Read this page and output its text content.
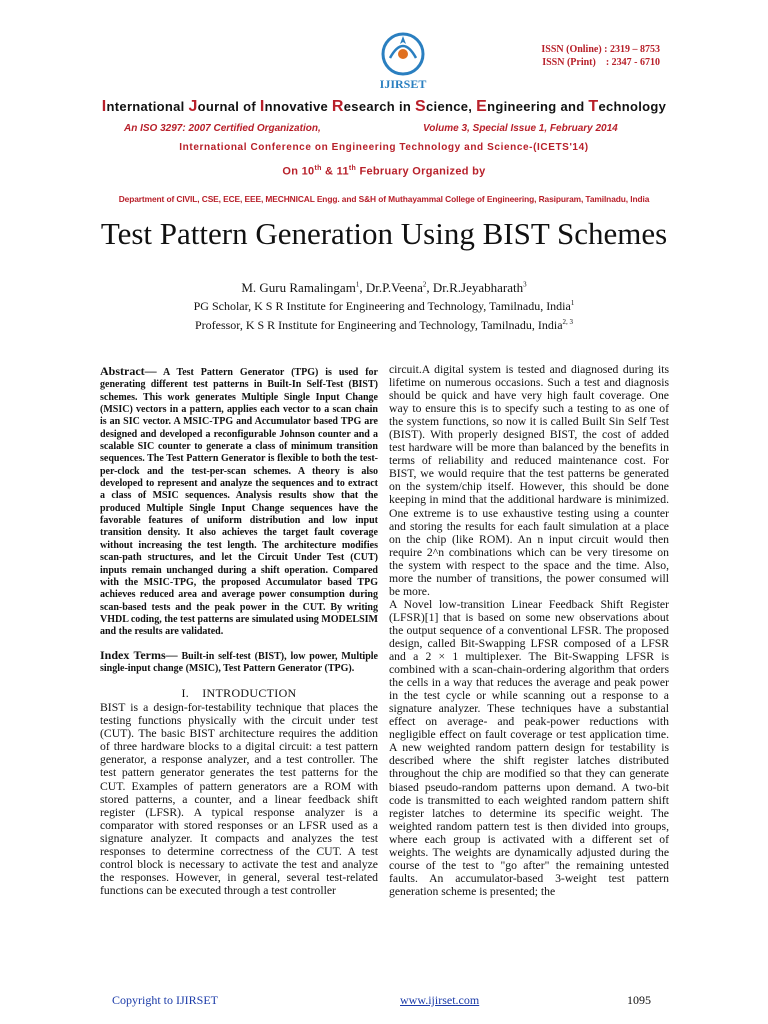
IJIRSET
ISSN (Online) : 2319 – 8753
ISSN (Print)    : 2347 - 6710
International Journal of Innovative Research in Science, Engineering and Technology
An ISO 3297: 2007 Certified Organization,	Volume 3, Special Issue 1, February 2014
International Conference on Engineering Technology and Science-(ICETS'14)
On 10th & 11th February Organized by
Department of CIVIL, CSE, ECE, EEE, MECHNICAL Engg. and S&H of Muthayammal College of Engineering, Rasipuram, Tamilnadu, India
Test Pattern Generation Using BIST Schemes
M. Guru Ramalingam$^1$, Dr.P.Veena$^2$, Dr.R.Jeyabharath$^3$
PG Scholar, K S R Institute for Engineering and Technology, Tamilnadu, India$^1$
Professor, K S R Institute for Engineering and Technology, Tamilnadu, India$^{2, 3}$

Abstract— A Test Pattern Generator (TPG) is used for generating different test patterns in Built-In Self-Test (BIST) schemes. This work generates Multiple Single Input Change (MSIC) vectors in a pattern, applies each vector to a scan chain is an SIC vector. A MSIC-TPG and Accumulator based TPG are designed and developed a reconfigurable Johnson counter and a scalable SIC counter to generate a class of minimum transition sequences. The Test Pattern Generator is flexible to both the test-per-clock and the test-per-scan schemes. A theory is also developed to represent and analyze the sequences and to extract a class of MSIC sequences. Analysis results show that the produced Multiple Single Input Change sequences have the favorable features of uniform distribution and low input transition density. It also achieves the target fault coverage without increasing the test length. The architecture modifies scan-path structures, and let the Circuit Under Test (CUT) inputs remain unchanged during a shift operation. Compared with the MSIC-TPG, the proposed Accumulator based TPG achieves reduced area and average power consumption during scan-based tests and the peak power in the CUT. By writing VHDL coding, the test patterns are simulated using MODELSIM and the results are validated.

Index Terms— Built-in self-test (BIST), low power, Multiple single-input change (MSIC), Test Pattern Generator (TPG).

I.    INTRODUCTION

BIST is a design-for-testability technique that places the testing functions physically with the circuit under test (CUT). The basic BIST architecture requires the addition of three hardware blocks to a digital circuit: a test pattern generator, a response analyzer, and a test controller. The test pattern generator generates the test patterns for the CUT. Examples of pattern generators are a ROM with stored patterns, a counter, and a linear feedback shift register (LFSR). A typical response analyzer is a comparator with stored responses or an LFSR used as a signature analyzer. It compacts and analyzes the test responses to determine correctness of the CUT. A test control block is necessary to activate the test and analyze the responses. However, in general, several test-related functions can be executed through a test controller

circuit.A digital system is tested and diagnosed during its lifetime on numerous occasions. Such a test and diagnosis should be quick and have very high fault coverage. One way to ensure this is to specify such a testing to as one of the system functions, so now it is called Built Sin Self Test (BIST). With properly designed BIST, the cost of added test hardware will be more than balanced by the benefits in terms of reliability and reduced maintenance cost. For BIST, we would require that the test patterns be generated on the system/chip itself. However, this should be done keeping in mind that the additional hardware is minimized. One extreme is to use exhaustive testing using a counter and storing the results for each fault simulation at a place on the chip (like ROM). An n input circuit would then require 2^n combinations which can be very tiresome on the system with respect to the space and the time. Also, more the number of transitions, the power consumed will be more.

A Novel low-transition Linear Feedback Shift Register (LFSR)[1] that is based on some new observations about the output sequence of a conventional LFSR. The proposed design, called Bit-Swapping LFSR composed of a LFSR and a 2 × 1 multiplexer. The Bit-Swapping LFSR is combined with a scan-chain-ordering algorithm that orders the cells in a way that reduces the average and peak power in the test cycle or while scanning out a response to a signature analyzer. These techniques have a substantial effect on average- and peak-power reductions with negligible effect on fault coverage or test application time. A new weighted random pattern design for testability is described where the shift register latches distributed throughout the chip are modified so that they can generate biased pseudo-random patterns upon demand. A two-bit code is transmitted to each weighted random pattern shift register latches to determine its specific weight. The weighted random pattern test is then divided into groups, where each group is activated with a different set of weights. The weights are dynamically adjusted during the course of the test to "go after" the remaining untested faults. An accumulator-based 3-weight test pattern generation scheme is presented; the

Copyright to IJIRSET	www.ijirset.com	1095
